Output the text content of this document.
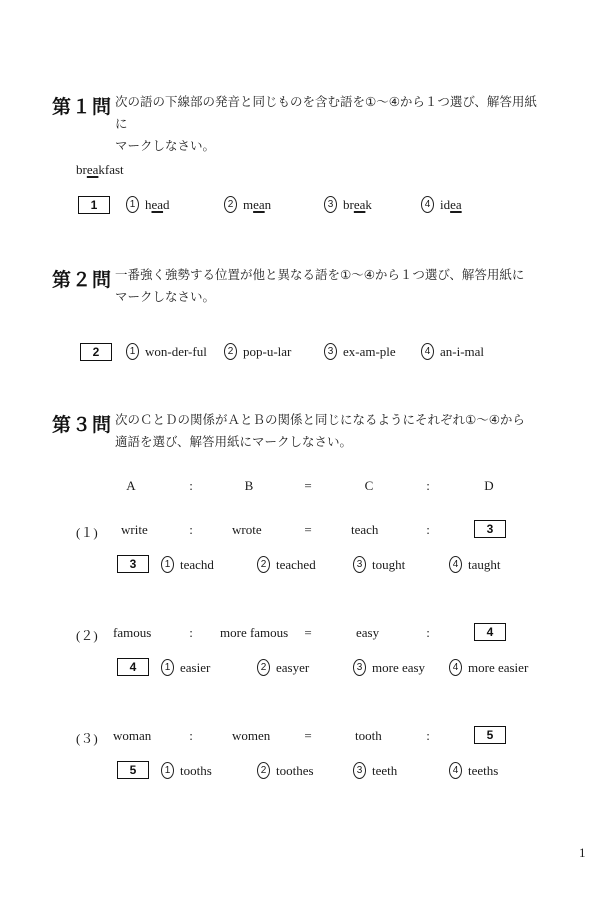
第１問 次の語の下線部の発音と同じものを含む語を①～④から１つ選び、解答用紙に
マークしなさい。
breakfast
1	1 h ea d	2 m ea n	3 br ea k	4 id ea
第２問 一番強く強勢する位置が他と異なる語を①～④から１つ選び、解答用紙に
マークしなさい。
2	1 won-der-ful	2 pop-u-lar	3 ex-am-ple	4 an-i-mal
第３問 次のＣとＤの関係がＡとＢの関係と同じになるようにそれぞれ①～④から
適語を選び、解答用紙にマークしなさい。
A	:	B	=	C	:	D
(１) write	:	wrote	=	teach	:	3
3	1 teachd	2 teached	3 tought	4 taught
(２) famous	:	more famous	=	easy	:	4
4	1 easier	2 easyer	3 more easy	4 more easier
(３) woman	:	women	=	tooth	:	5
5	1 tooths	2 toothes	3 teeth	4 teeths
1
